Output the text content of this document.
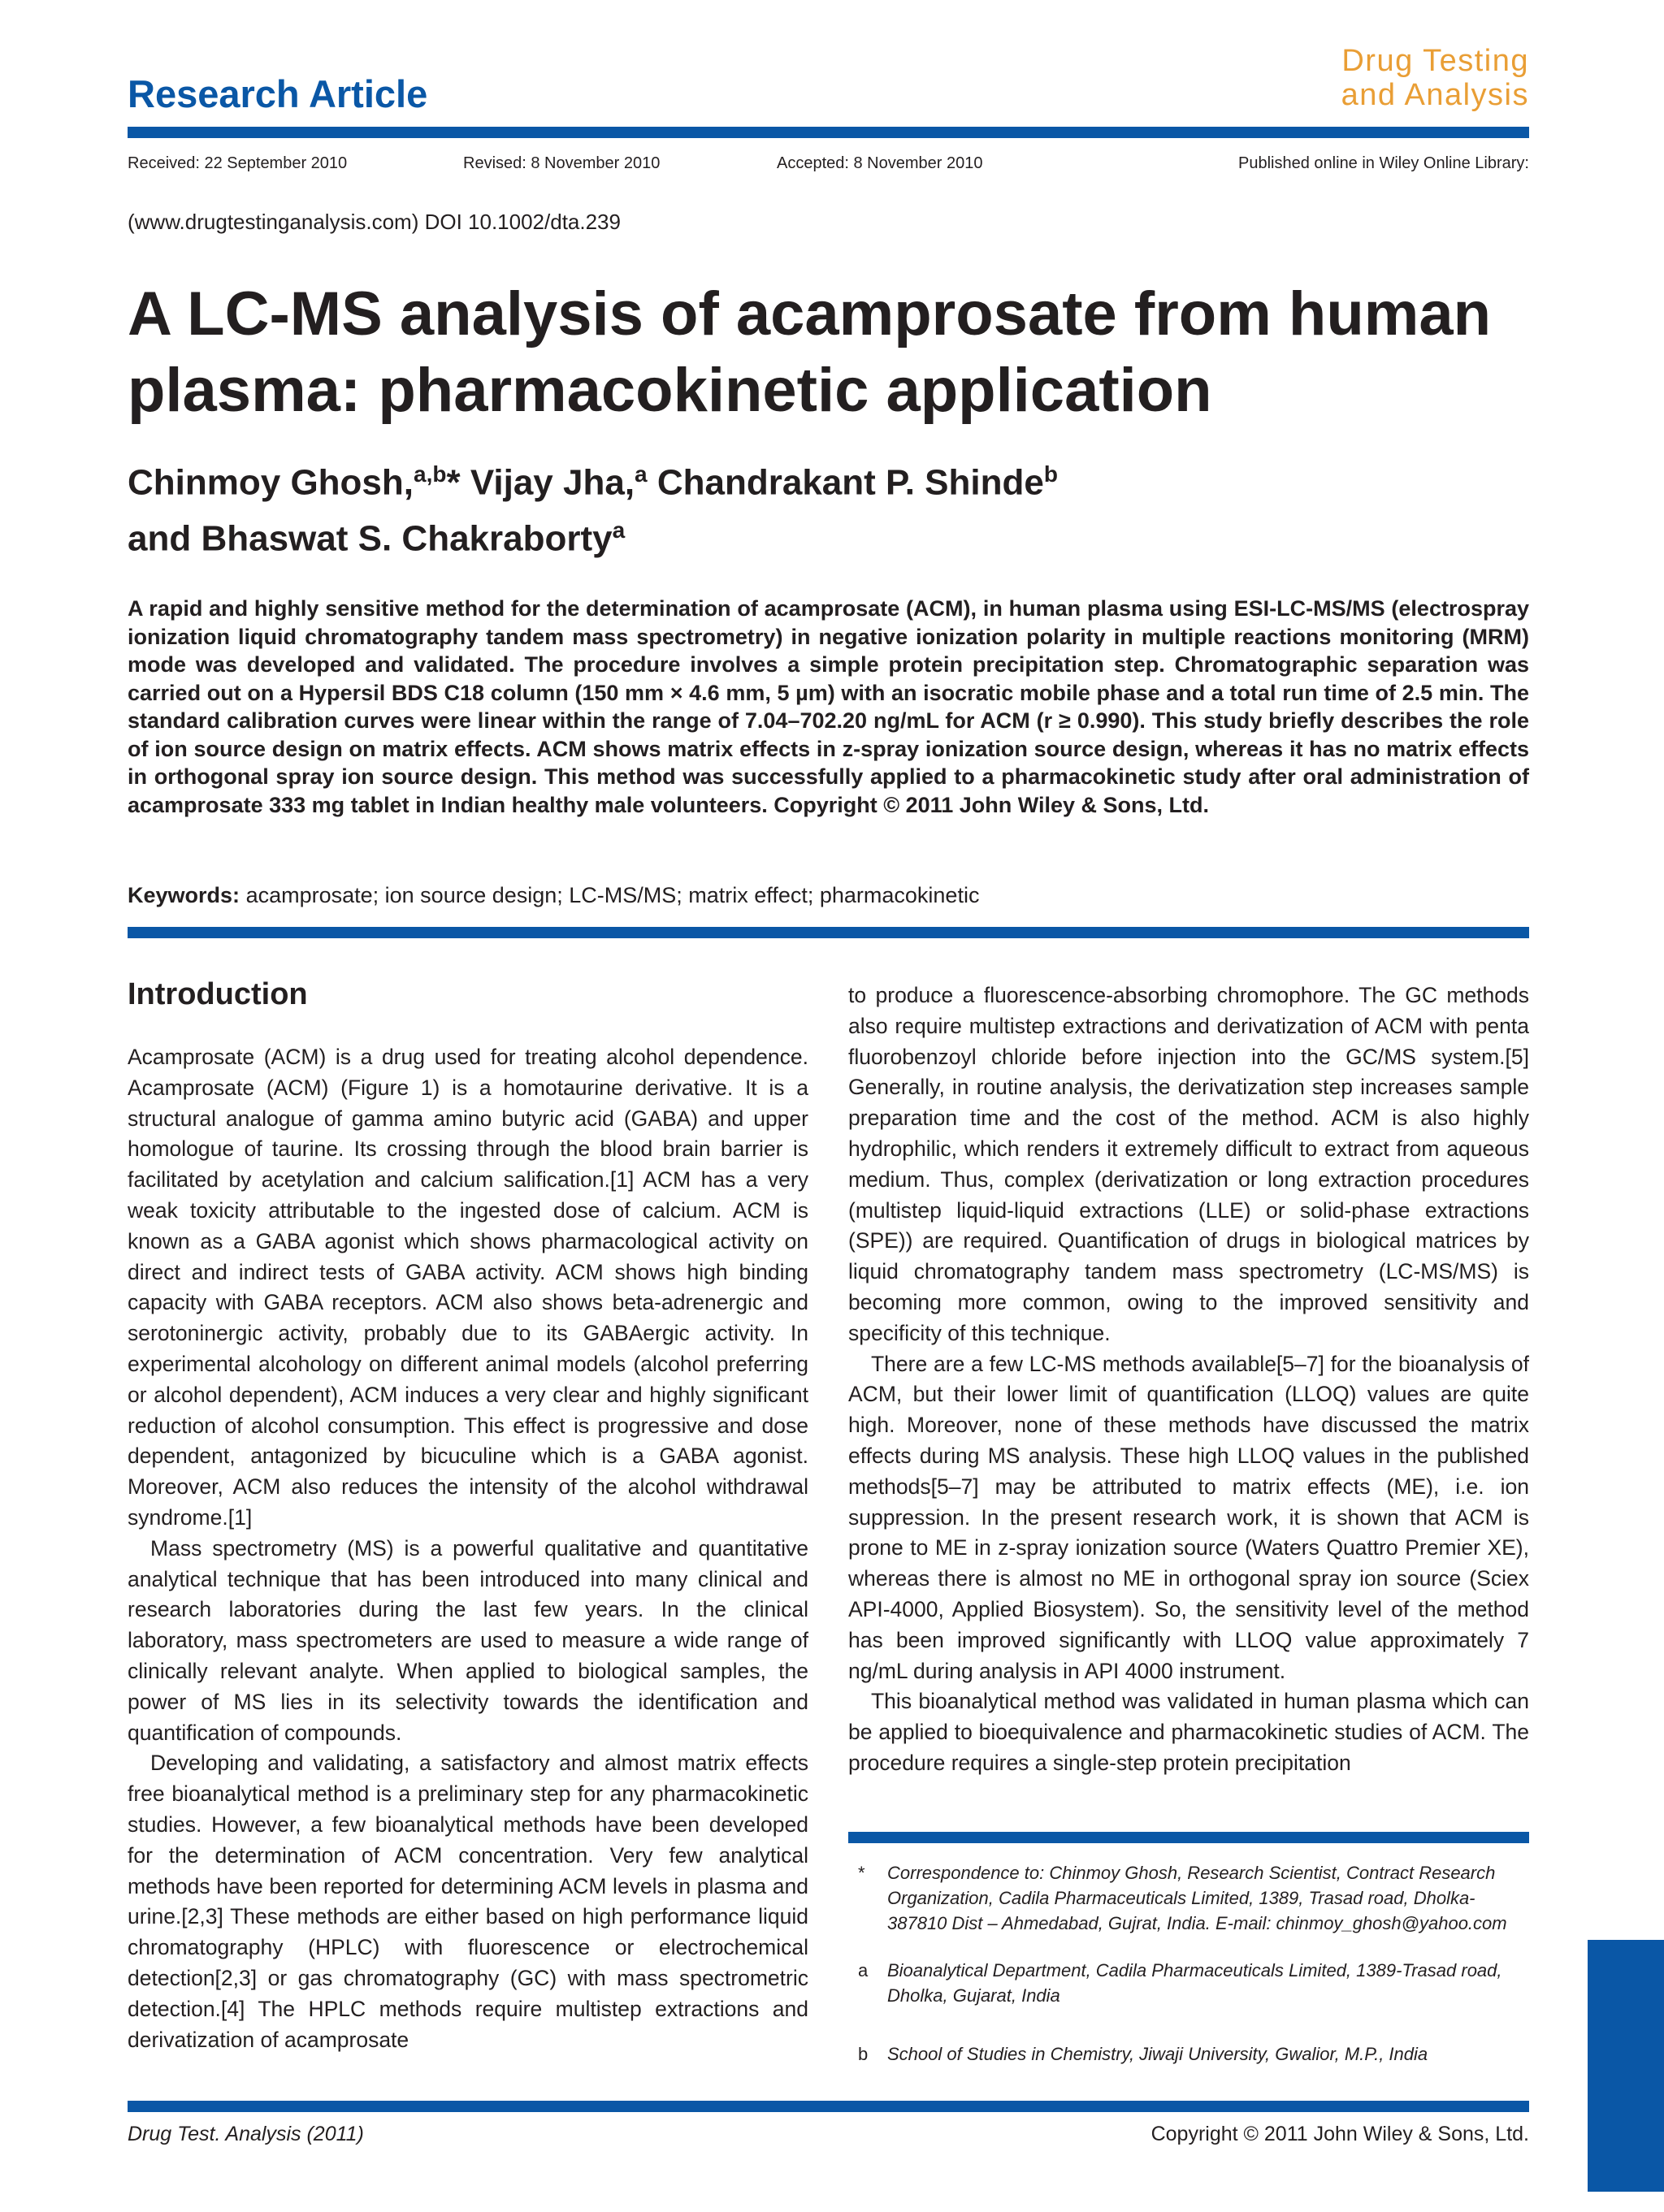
Research Article
Drug Testing
and Analysis
Received: 22 September 2010	Revised: 8 November 2010	Accepted: 8 November 2010	Published online in Wiley Online Library:
(www.drugtestinganalysis.com) DOI 10.1002/dta.239
A LC-MS analysis of acamprosate from human
plasma: pharmacokinetic application
Chinmoy Ghosh,$^{a,b}$* Vijay Jha,$^a$ Chandrakant P. Shinde$^b$
and Bhaswat S. Chakraborty$^a$
A rapid and highly sensitive method for the determination of acamprosate (ACM), in human plasma using ESI-LC-MS/MS (electrospray ionization liquid chromatography tandem mass spectrometry) in negative ionization polarity in multiple reactions monitoring (MRM) mode was developed and validated. The procedure involves a simple protein precipitation step. Chromatographic separation was carried out on a Hypersil BDS C18 column (150 mm × 4.6 mm, 5 µm) with an isocratic mobile phase and a total run time of 2.5 min. The standard calibration curves were linear within the range of 7.04–702.20 ng/mL for ACM (r ≥ 0.990). This study briefly describes the role of ion source design on matrix effects. ACM shows matrix effects in z-spray ionization source design, whereas it has no matrix effects in orthogonal spray ion source design. This method was successfully applied to a pharmacokinetic study after oral administration of acamprosate 333 mg tablet in Indian healthy male volunteers. Copyright © 2011 John Wiley & Sons, Ltd.
Keywords: acamprosate; ion source design; LC-MS/MS; matrix effect; pharmacokinetic
Introduction

Acamprosate (ACM) is a drug used for treating alcohol dependence. Acamprosate (ACM) (Figure 1) is a homotaurine derivative. It is a structural analogue of gamma amino butyric acid (GABA) and upper homologue of taurine. Its crossing through the blood brain barrier is facilitated by acetylation and calcium salification.[1] ACM has a very weak toxicity attributable to the ingested dose of calcium. ACM is known as a GABA agonist which shows pharmacological activity on direct and indirect tests of GABA activity. ACM shows high binding capacity with GABA receptors. ACM also shows beta-adrenergic and serotoninergic activity, probably due to its GABAergic activity. In experimental alcohology on different animal models (alcohol preferring or alcohol dependent), ACM induces a very clear and highly significant reduction of alcohol consumption. This effect is progressive and dose dependent, antagonized by bicuculine which is a GABA agonist. Moreover, ACM also reduces the intensity of the alcohol withdrawal syndrome.[1]

Mass spectrometry (MS) is a powerful qualitative and quantitative analytical technique that has been introduced into many clinical and research laboratories during the last few years. In the clinical laboratory, mass spectrometers are used to measure a wide range of clinically relevant analyte. When applied to biological samples, the power of MS lies in its selectivity towards the identification and quantification of compounds.

Developing and validating, a satisfactory and almost matrix effects free bioanalytical method is a preliminary step for any pharmacokinetic studies. However, a few bioanalytical methods have been developed for the determination of ACM concentration. Very few analytical methods have been reported for determining ACM levels in plasma and urine.[2,3] These methods are either based on high performance liquid chromatography (HPLC) with fluorescence or electrochemical detection[2,3] or gas chromatography (GC) with mass spectrometric detection.[4] The HPLC methods require multistep extractions and derivatization of acamprosate

to produce a fluorescence-absorbing chromophore. The GC methods also require multistep extractions and derivatization of ACM with penta fluorobenzoyl chloride before injection into the GC/MS system.[5] Generally, in routine analysis, the derivatization step increases sample preparation time and the cost of the method. ACM is also highly hydrophilic, which renders it extremely difficult to extract from aqueous medium. Thus, complex (derivatization or long extraction procedures (multistep liquid-liquid extractions (LLE) or solid-phase extractions (SPE)) are required. Quantification of drugs in biological matrices by liquid chromatography tandem mass spectrometry (LC-MS/MS) is becoming more common, owing to the improved sensitivity and specificity of this technique.

There are a few LC-MS methods available[5–7] for the bioanalysis of ACM, but their lower limit of quantification (LLOQ) values are quite high. Moreover, none of these methods have discussed the matrix effects during MS analysis. These high LLOQ values in the published methods[5–7] may be attributed to matrix effects (ME), i.e. ion suppression. In the present research work, it is shown that ACM is prone to ME in z-spray ionization source (Waters Quattro Premier XE), whereas there is almost no ME in orthogonal spray ion source (Sciex API-4000, Applied Biosystem). So, the sensitivity level of the method has been improved significantly with LLOQ value approximately 7 ng/mL during analysis in API 4000 instrument.

This bioanalytical method was validated in human plasma which can be applied to bioequivalence and pharmacokinetic studies of ACM. The procedure requires a single-step protein precipitation

* Correspondence to: Chinmoy Ghosh, Research Scientist, Contract Research Organization, Cadila Pharmaceuticals Limited, 1389, Trasad road, Dholka-387810 Dist – Ahmedabad, Gujrat, India. E-mail: chinmoy_ghosh@yahoo.com
a Bioanalytical Department, Cadila Pharmaceuticals Limited, 1389-Trasad road, Dholka, Gujarat, India
b School of Studies in Chemistry, Jiwaji University, Gwalior, M.P., India
Drug Test. Analysis (2011)	Copyright © 2011 John Wiley & Sons, Ltd.
